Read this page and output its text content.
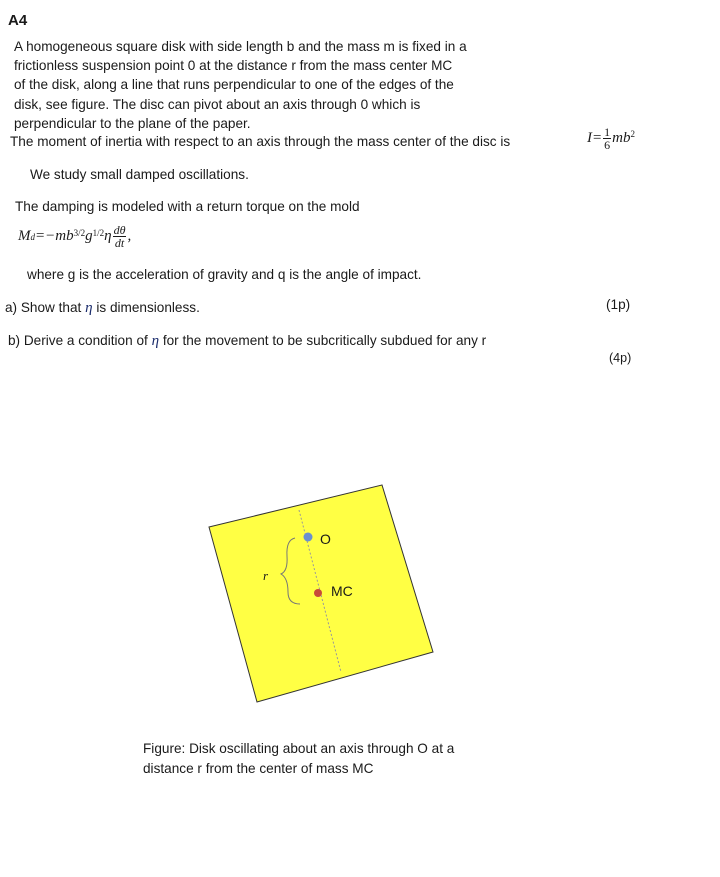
A4
A homogeneous square disk with side length b and the mass m is fixed in a
frictionless suspension point 0 at the distance r from the mass center MC
of the disk, along a line that runs perpendicular to one of the edges of the
disk, see figure. The disc can pivot about an axis through 0 which is
perpendicular to the plane of the paper.
The moment of inertia with respect to an axis through the mass center of the disc is	$I= \frac{1}{6} mb^2$
We study small damped oscillations.
The damping is modeled with a return torque on the mold
M $d =-mb^{3/2}$ $g^{1/2}$ η $\frac{d\theta}{dt}$ ,
where g is the acceleration of gravity and q is the angle of impact.
a) Show that η is dimensionless.	(1p)
b) Derive a condition of η for the movement to be subcritically subdued for any r
(4p)
O
MC
r
Figure: Disk oscillating about an axis through O at a
distance r from the center of mass MC
